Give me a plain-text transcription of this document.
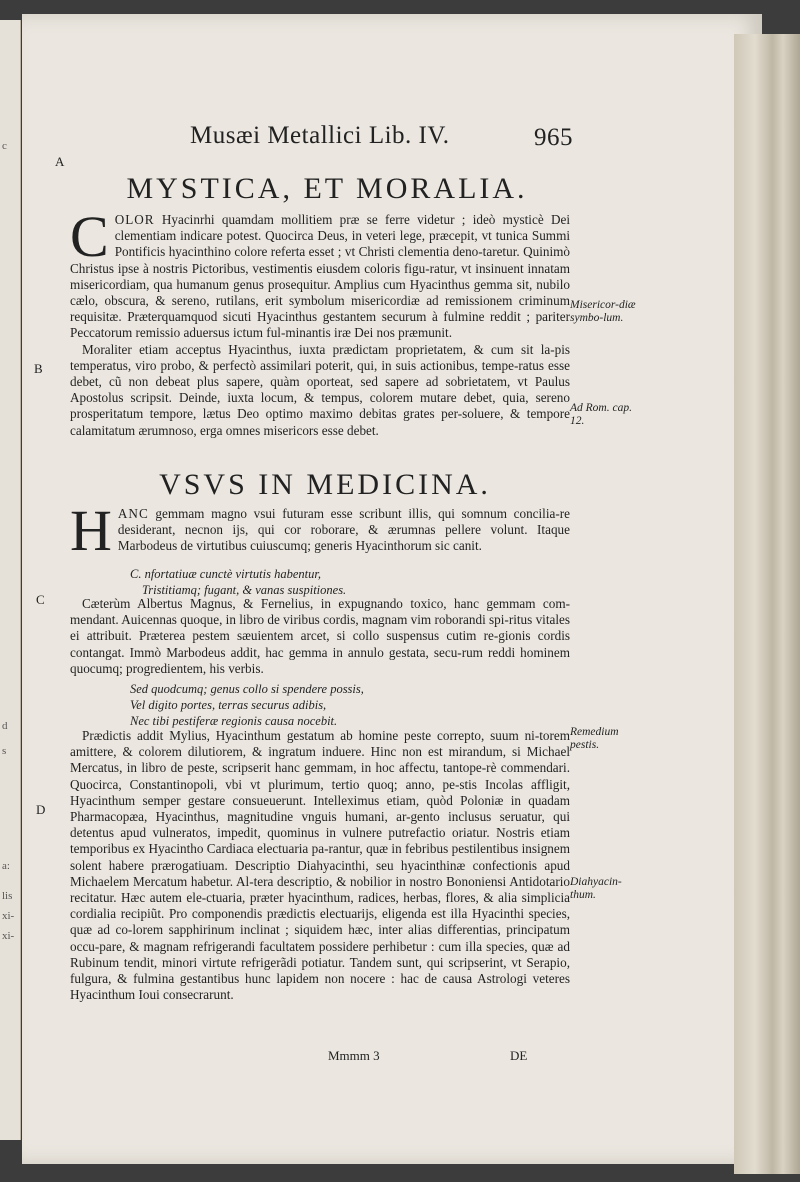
c
d
s
a:
lis
xi-
xi-
Musæi Metallici Lib. IV.	965
A
MYSTICA, ET MORALIA.

COLOR Hyacinrhi quamdam mollitiem præ se ferre videtur ; ideò mysticè Dei clementiam indicare potest. Quocirca Deus, in veteri lege, præcepit, vt tunica Summi Pontificis hyacinthino colore referta esset ; vt Christi clementia deno-taretur. Quinimò Christus ipse à nostris Pictoribus, vestimentis eiusdem coloris figu-ratur, vt insinuent innatam misericordiam, qua humanum genus prosequitur. Amplius cum Hyacinthus gemma sit, nubilo cælo, obscura, & sereno, rutilans, erit symbolum misericordiæ ad remissionem criminum requisitæ. Præterquamquod sicuti Hyacinthus gestantem securum à fulmine reddit ; pariter Peccatorum remissio aduersus ictum ful-minantis iræ Dei nos præmunit.

Moraliter etiam acceptus Hyacinthus, iuxta prædictam proprietatem, & cum sit la-pis temperatus, viro probo, & perfectò assimilari poterit, qui, in suis actionibus, tempe-ratus esse debet, cũ non debeat plus sapere, quàm oporteat, sed sapere ad sobrietatem, vt Paulus Apostolus scripsit. Deinde, iuxta locum, & tempus, colorem mutare debet, quia, sereno prosperitatum tempore, lætus Deo optimo maximo debitas grates per-soluere, & tempore calamitatum ærumnoso, erga omnes misericors esse debet.

B
Misericor-diæ symbo-lum.
Ad Rom. cap. 12.
VSVS IN MEDICINA.

HANC gemmam magno vsui futuram esse scribunt illis, qui somnum concilia-re desiderant, necnon ijs, qui cor roborare, & ærumnas pellere volunt. Itaque Marbodeus de virtutibus cuiuscumq; generis Hyacinthorum sic canit.

C. nfortatiuæ cunctè virtutis habentur,
Tristitiamq; fugant, & vanas suspitiones.
C	Cæterùm Albertus Magnus, & Fernelius, in expugnando toxico, hanc gemmam com-mendant. Auicennas quoque, in libro de viribus cordis, magnam vim roborandi spi-ritus vitales ei attribuit. Præterea pestem sæuientem arcet, si collo suspensus cutim re-gionis cordis contangat. Immò Marbodeus addit, hac gemma in annulo gestata, secu-rum reddi hominem quocumq; progredientem, his verbis.

Sed quodcumq; genus collo si spendere possis,
Vel digito portes, terras securus adibis,
Nec tibi pestiferæ regionis causa nocebit.

Prædictis addit Mylius, Hyacinthum gestatum ab homine peste correpto, suum ni-torem amittere, & colorem dilutiorem, & ingratum induere. Hinc non est mirandum, si Michael Mercatus, in libro de peste, scripserit hanc gemmam, in hoc affectu, tantope-rè commendari. Quocirca, Constantinopoli, vbi vt plurimum, tertio quoq; anno, pe-stis Incolas affligit, Hyacinthum semper gestare consueuerunt. Intelleximus etiam, quòd Poloniæ in quadam Pharmacopæa, Hyacinthus, magnitudine vnguis humani, ar-gento inclusus seruatur, qui detentus apud vulneratos, impedit, quominus in vulnere putrefactio oriatur. Nostris etiam temporibus ex Hyacintho Cardiaca electuaria pa-rantur, quæ in febribus pestilentibus insignem solent habere prærogatiuam. Descriptio Diahyacinthi, seu hyacinthinæ confectionis apud Michaelem Mercatum habetur. Al-tera descriptio, & nobilior in nostro Bononiensi Antidotario recitatur. Hæc autem ele-ctuaria, præter hyacinthum, radices, herbas, flores, & alia simplicia cordialia recipiũt. Pro componendis prædictis electuarijs, eligenda est illa Hyacinthi species, quæ ad co-lorem sapphirinum inclinat ; siquidem hæc, inter alias differentias, principatum occu-pare, & magnam refrigerandi facultatem possidere perhibetur : cum illa species, quæ ad Rubinum tendit, minori virtute refrigerãdi potiatur. Tandem sunt, qui scripserint, vt Serapio, fulgura, & fulmina gestantibus hunc lapidem non nocere : hac de causa Astrologi veteres Hyacinthum Ioui consecrarunt.

D
Remedium pestis.
Diahyacin-thum.
Mmmm 3	DE
